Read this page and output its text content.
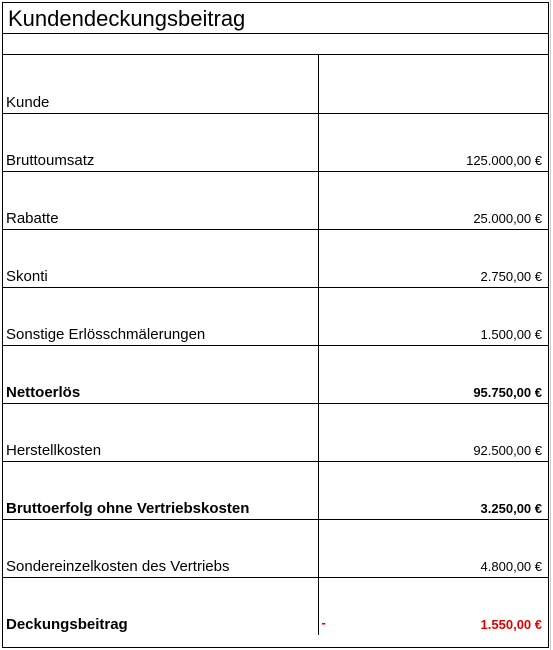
Kundendeckungsbeitrag
Kunde	
Bruttoumsatz	125.000,00 €
Rabatte	25.000,00 €
Skonti	2.750,00 €
Sonstige Erlösschmälerungen	1.500,00 €
Nettoerlös	95.750,00 €
Herstellkosten	92.500,00 €
Bruttoerfolg ohne Vertriebskosten	3.250,00 €
Sondereinzelkosten des Vertriebs	4.800,00 €
Deckungsbeitrag	- 1.550,00 €
